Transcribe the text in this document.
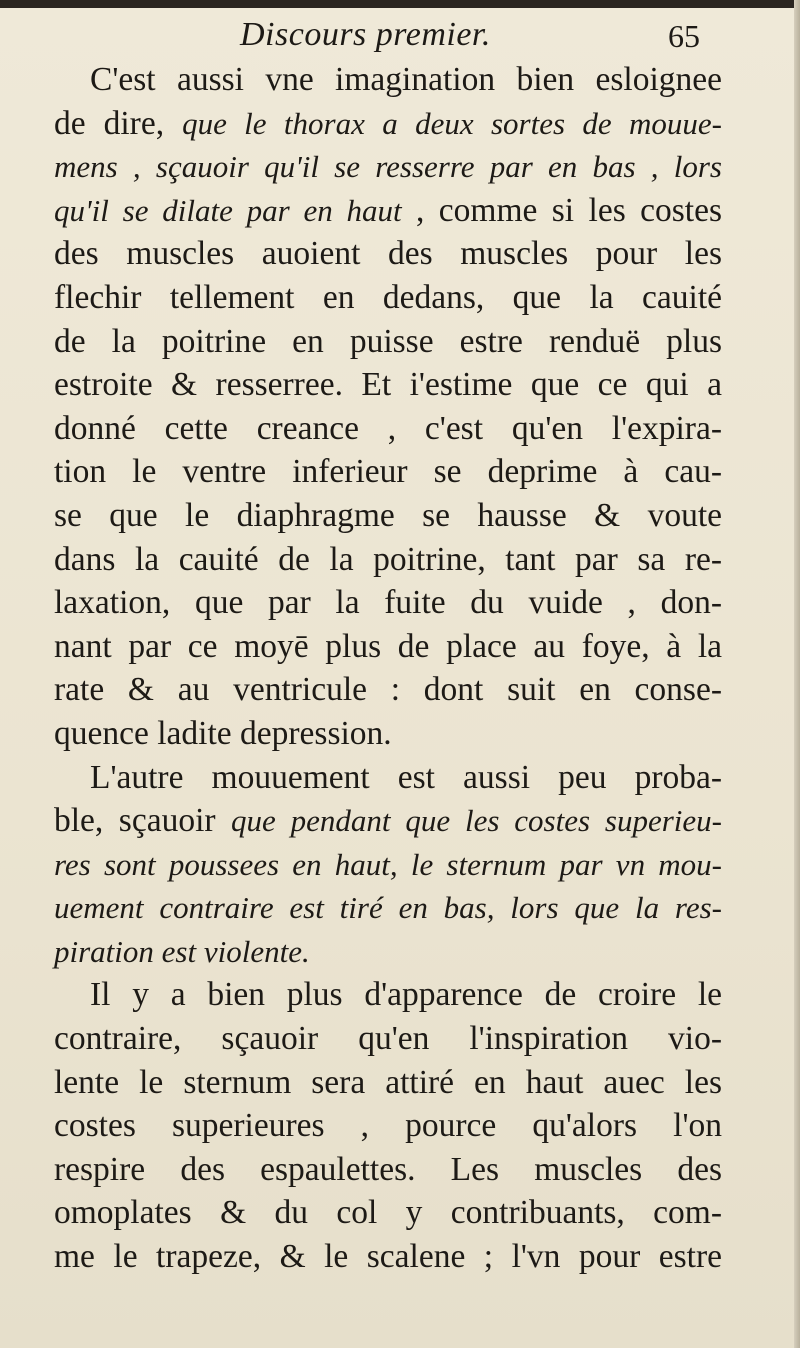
Discours premier.	65
C'est aussi vne imagination bien esloignee
de dire, que le thorax a deux sortes de mouue-
mens , sçauoir qu'il se resserre par en bas , lors
qu'il se dilate par en haut , comme si les costes
des muscles auoient des muscles pour les
flechir tellement en dedans, que la cauité
de la poitrine en puisse estre renduë plus
estroite & resserree. Et i'estime que ce qui a
donné cette creance , c'est qu'en l'expira-
tion le ventre inferieur se deprime à cau-
se que le diaphragme se hausse & voute
dans la cauité de la poitrine, tant par sa re-
laxation, que par la fuite du vuide , don-
nant par ce moyē plus de place au foye, à la
rate & au ventricule : dont suit en conse-
quence ladite depression.
L'autre mouuement est aussi peu proba-
ble, sçauoir que pendant que les costes superieu-
res sont poussees en haut, le sternum par vn mou-
uement contraire est tiré en bas, lors que la res-
piration est violente.
Il y a bien plus d'apparence de croire le
contraire, sçauoir qu'en l'inspiration vio-
lente le sternum sera attiré en haut auec les
costes superieures , pource qu'alors l'on
respire des espaulettes. Les muscles des
omoplates & du col y contribuants, com-
me le trapeze, & le scalene ; l'vn pour estre
